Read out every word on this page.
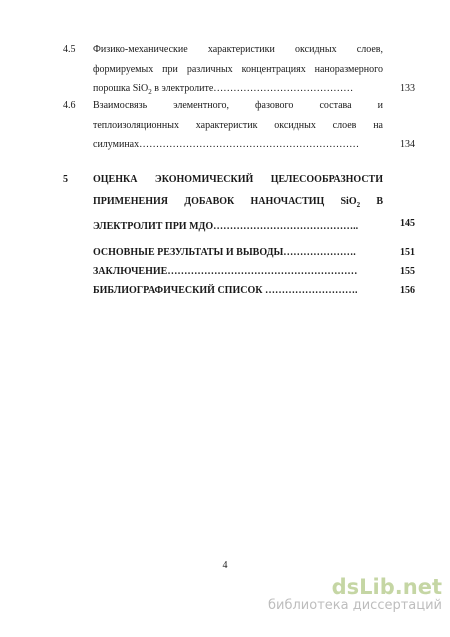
4.5 Физико-механические характеристики оксидных слоев,
формируемых при различных концентрациях наноразмерного
порошка SiO$_2$ в электролите……………………………………	133
4.6 Взаимосвязь элементного, фазового состава и
теплоизоляционных характеристик оксидных слоев на
силуминах…………………………………………………………	134
5	ОЦЕНКА ЭКОНОМИЧЕСКИЙ ЦЕЛЕСООБРАЗНОСТИ
ПРИМЕНЕНИЯ ДОБАВОК НАНОЧАСТИЦ SiO$_2$ В
ЭЛЕКТРОЛИТ ПРИ МДО……………………………………..	145
ОСНОВНЫЕ РЕЗУЛЬТАТЫ И ВЫВОДЫ………………….	151
ЗАКЛЮЧЕНИЕ…………………………………………………	155
БИБЛИОГРАФИЧЕСКИЙ СПИСОК ……………………….	156
4
dsLib.net
библиотека диссертаций
